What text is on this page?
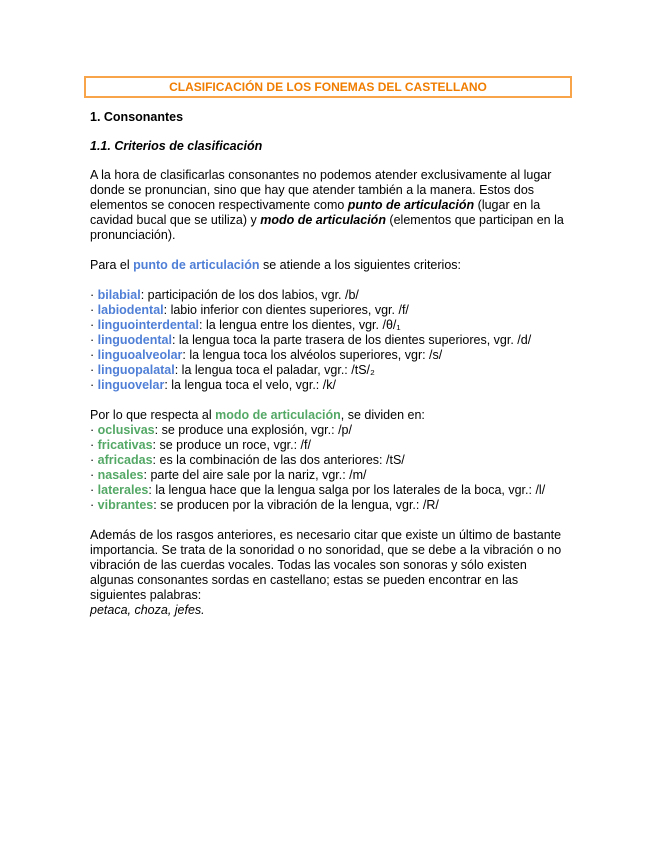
CLASIFICACIÓN DE LOS FONEMAS DEL CASTELLANO
1. Consonantes
1.1. Criterios de clasificación

A la hora de clasificarlas consonantes no podemos atender exclusivamente al lugar donde se pronuncian, sino que hay que atender también a la manera. Estos dos elementos se conocen respectivamente como punto de articulación (lugar en la cavidad bucal que se utiliza) y modo de articulación (elementos que participan en la pronunciación).

Para el punto de articulación se atiende a los siguientes criterios:

· bilabial: participación de los dos labios, vgr. /b/
· labiodental: labio inferior con dientes superiores, vgr. /f/
· linguointerdental: la lengua entre los dientes, vgr. /θ/₁
· linguodental: la lengua toca la parte trasera de los dientes superiores, vgr. /d/
· linguoalveolar: la lengua toca los alvéolos superiores, vgr: /s/
· linguopalatal: la lengua toca el paladar, vgr.: /tS/₂
· linguovelar: la lengua toca el velo, vgr.: /k/

Por lo que respecta al modo de articulación, se dividen en:

· oclusivas: se produce una explosión, vgr.: /p/
· fricativas: se produce un roce, vgr.: /f/
· africadas: es la combinación de las dos anteriores: /tS/
· nasales: parte del aire sale por la nariz, vgr.: /m/
· laterales: la lengua hace que la lengua salga por los laterales de la boca, vgr.: /l/
· vibrantes: se producen por la vibración de la lengua, vgr.: /R/

Además de los rasgos anteriores, es necesario citar que existe un último de bastante importancia. Se trata de la sonoridad o no sonoridad, que se debe a la vibración o no vibración de las cuerdas vocales. Todas las vocales son sonoras y sólo existen algunas consonantes sordas en castellano; estas se pueden encontrar en las siguientes palabras:

petaca, choza, jefes.
